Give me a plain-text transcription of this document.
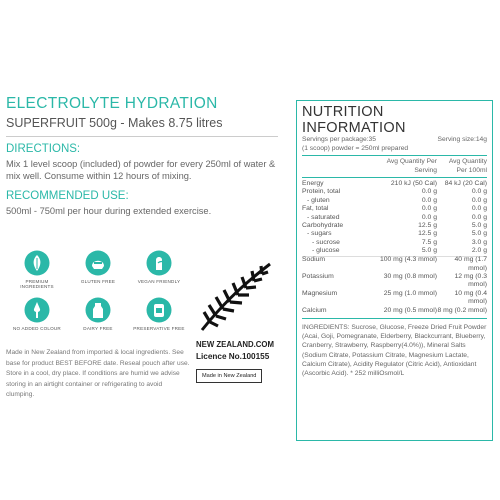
ELECTROLYTE HYDRATION
SUPERFRUIT 500g - Makes 8.75 litres
DIRECTIONS:
Mix 1 level scoop (included) of powder for every 250ml of water & mix well. Consume within 12 hours of mixing.
RECOMMENDED USE:
500ml - 750ml per hour during extended exercise.
PREMIUM INGREDIENTS
GLUTEN FREE	VEGAN FRIENDLY
NO ADDED COLOUR	DAIRY FREE	PRESERVATIVE FREE
Made in New Zealand from imported & local ingredients. See base for product BEST BEFORE date. Reseal pouch after use. Store in a cool, dry place. If conditions are humid we advise storing in an airtight container or refrigerating to avoid clumping.
NEW ZEALAND.COM
Licence No.100155
Made in New Zealand
NUTRITION INFORMATION
Servings per package:35	Serving size:14g
(1 scoop) powder = 250ml prepared
Avg Quantity Per Serving
Avg Quantity Per 100ml
Energy	210 kJ (50 Cal)	84 kJ (20 Cal)
Protein, total	0.0 g	0.0 g
- gluten	0.0 g	0.0 g
Fat, total	0.0 g	0.0 g
- saturated	0.0 g	0.0 g
Carbohydrate	12.5 g	5.0 g
- sugars	12.5 g	5.0 g
- sucrose	7.5 g	3.0 g
- glucose	5.0 g	2.0 g
Sodium	100 mg (4.3 mmol)	40 mg (1.7 mmol)
Potassium	30 mg (0.8 mmol)	12 mg (0.3 mmol)
Magnesium	25 mg (1.0 mmol)	10 mg (0.4 mmol)
Calcium	20 mg (0.5 mmol) 8 mg (0.2 mmol)
INGREDIENTS: Sucrose, Glucose, Freeze Dried Fruit Powder (Acai, Goji, Pomegranate, Elderberry, Blackcurrant, Blueberry, Cranberry, Strawberry, Raspberry(4.0%)), Mineral Salts (Sodium Citrate, Potassium Citrate, Magnesium Lactate, Calcium Citrate), Acidity Regulator (Citric Acid), Antioxidant (Ascorbic Acid). * 252 milliOsmol/L
